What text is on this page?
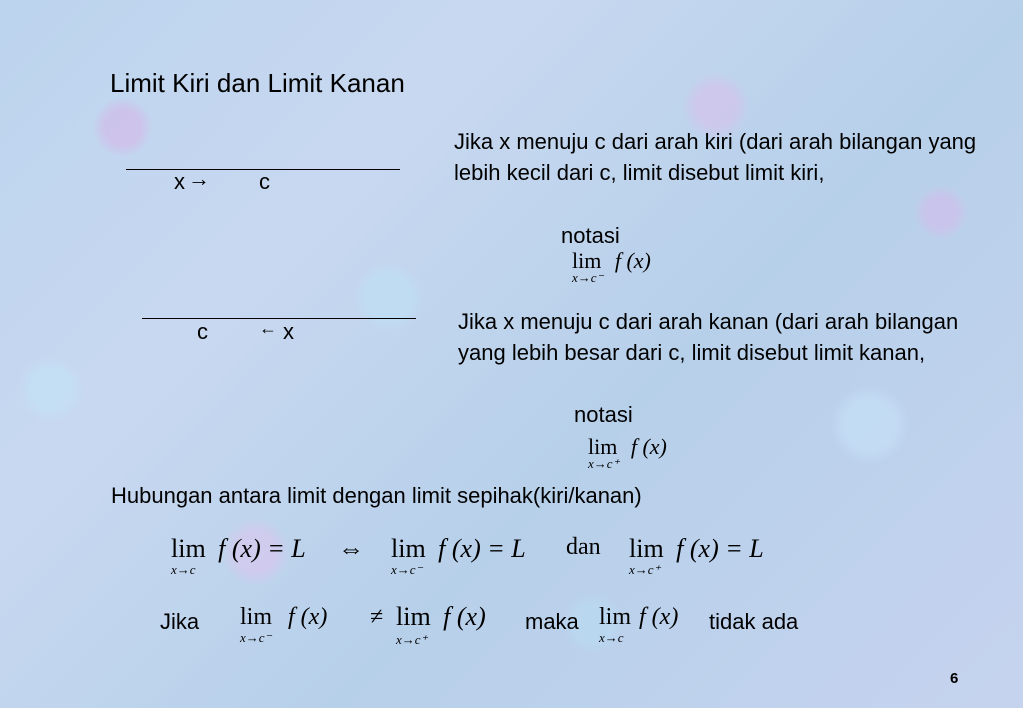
Limit Kiri dan Limit Kanan
x → c
Jika x menuju c dari arah kiri (dari arah bilangan yang lebih kecil dari c, limit disebut limit kiri,
notasi
lim f (x)
x→c⁻
c	← x	Jika x menuju c dari arah kanan (dari arah bilangan yang lebih besar dari c, limit disebut limit kanan,
notasi
lim f (x)
x→c⁺
Hubungan antara limit dengan limit sepihak(kiri/kanan)
lim f (x) = L
x→c
⇔ lim f (x) = L
x→c⁻
dan lim f (x) = L
x→c⁺
Jika lim f (x)
x→c⁻
≠ lim f (x)
x→c⁺
maka lim f (x)
x→c
tidak ada
6
